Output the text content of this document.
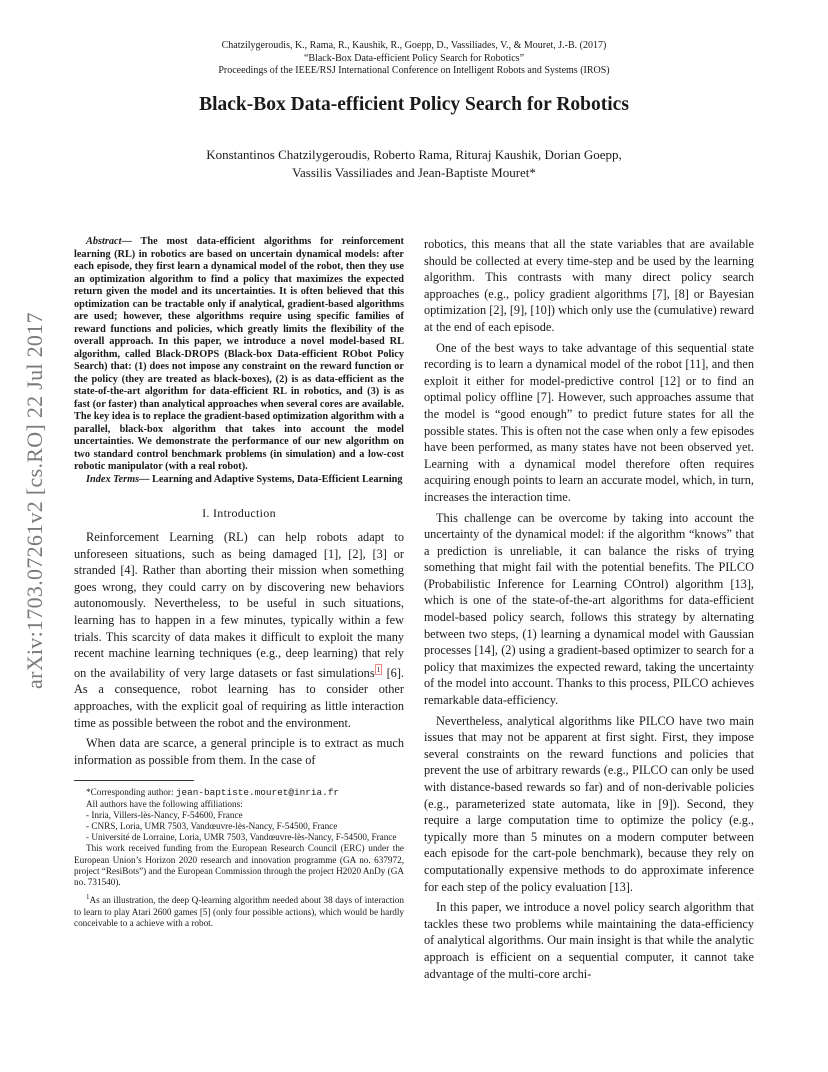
Chatzilygeroudis, K., Rama, R., Kaushik, R., Goepp, D., Vassiliades, V., & Mouret, J.-B. (2017)
“Black-Box Data-efficient Policy Search for Robotics”
Proceedings of the IEEE/RSJ International Conference on Intelligent Robots and Systems (IROS)
Black-Box Data-efficient Policy Search for Robotics
Konstantinos Chatzilygeroudis, Roberto Rama, Rituraj Kaushik, Dorian Goepp,
Vassilis Vassiliades and Jean-Baptiste Mouret*
arXiv:1703.07261v2 [cs.RO] 22 Jul 2017
Abstract— The most data-efficient algorithms for reinforcement learning (RL) in robotics are based on uncertain dynamical models: after each episode, they first learn a dynamical model of the robot, then they use an optimization algorithm to find a policy that maximizes the expected return given the model and its uncertainties. It is often believed that this optimization can be tractable only if analytical, gradient-based algorithms are used; however, these algorithms require using specific families of reward functions and policies, which greatly limits the flexibility of the overall approach. In this paper, we introduce a novel model-based RL algorithm, called Black-DROPS (Black-box Data-efficient RObot Policy Search) that: (1) does not impose any constraint on the reward function or the policy (they are treated as black-boxes), (2) is as data-efficient as the state-of-the-art algorithm for data-efficient RL in robotics, and (3) is as fast (or faster) than analytical approaches when several cores are available. The key idea is to replace the gradient-based optimization algorithm with a parallel, black-box algorithm that takes into account the model uncertainties. We demonstrate the performance of our new algorithm on two standard control benchmark problems (in simulation) and a low-cost robotic manipulator (with a real robot).
Index Terms— Learning and Adaptive Systems, Data-Efficient Learning
I. Introduction

Reinforcement Learning (RL) can help robots adapt to unforeseen situations, such as being damaged [1], [2], [3] or stranded [4]. Rather than aborting their mission when something goes wrong, they could carry on by discovering new behaviors autonomously. Nevertheless, to be useful in such situations, learning has to happen in a few minutes, typically within a few trials. This scarcity of data makes it difficult to exploit the many recent machine learning techniques (e.g., deep learning) that rely on the availability of very large datasets or fast simulations $^1$ [6]. As a consequence, robot learning has to consider other approaches, with the explicit goal of requiring as little interaction time as possible between the robot and the environment.

When data are scarce, a general principle is to extract as much information as possible from them. In the case of

*Corresponding author: jean-baptiste.mouret@inria.fr
All authors have the following affiliations:
- Inria, Villers-lès-Nancy, F-54600, France
- CNRS, Loria, UMR 7503, Vandœuvre-lès-Nancy, F-54500, France
- Université de Lorraine, Loria, UMR 7503, Vandœuvre-lès-Nancy, F-54500, France
This work received funding from the European Research Council (ERC) under the European Union’s Horizon 2020 research and innovation programme (GA no. 637972, project “ResiBots”) and the European Commission through the project H2020 AnDy (GA no. 731540).
$^1$As an illustration, the deep Q-learning algorithm needed about 38 days of interaction to learn to play Atari 2600 games [5] (only four possible actions), which would be hardly conceivable to a achieve with a robot.

robotics, this means that all the state variables that are available should be collected at every time-step and be used by the learning algorithm. This contrasts with many direct policy search approaches (e.g., policy gradient algorithms [7], [8] or Bayesian optimization [2], [9], [10]) which only use the (cumulative) reward at the end of each episode.

One of the best ways to take advantage of this sequential state recording is to learn a dynamical model of the robot [11], and then exploit it either for model-predictive control [12] or to find an optimal policy offline [7]. However, such approaches assume that the model is “good enough” to predict future states for all the possible states. This is often not the case when only a few episodes have been performed, as many states have not been observed yet. Learning with a dynamical model therefore often requires acquiring enough points to learn an accurate model, which, in turn, increases the interaction time.

This challenge can be overcome by taking into account the uncertainty of the dynamical model: if the algorithm “knows” that a prediction is unreliable, it can balance the risks of trying something that might fail with the potential benefits. The PILCO (Probabilistic Inference for Learning COntrol) algorithm [13], which is one of the state-of-the-art algorithms for data-efficient model-based policy search, follows this strategy by alternating between two steps, (1) learning a dynamical model with Gaussian processes [14], (2) using a gradient-based optimizer to search for a policy that maximizes the expected reward, taking the uncertainty of the model into account. Thanks to this process, PILCO achieves remarkable data-efficiency.

Nevertheless, analytical algorithms like PILCO have two main issues that may not be apparent at first sight. First, they impose several constraints on the reward functions and policies that prevent the use of arbitrary rewards (e.g., PILCO can only be used with distance-based rewards so far) and of non-derivable policies (e.g., parameterized state automata, like in [9]). Second, they require a large computation time to optimize the policy (e.g., typically more than 5 minutes on a modern computer between each episode for the cart-pole benchmark), because they rely on computationally expensive methods to do approximate inference for each step of the policy evaluation [13].

In this paper, we introduce a novel policy search algorithm that tackles these two problems while maintaining the data-efficiency of analytical algorithms. Our main insight is that while the analytic approach is efficient on a sequential computer, it cannot take advantage of the multi-core archi-
